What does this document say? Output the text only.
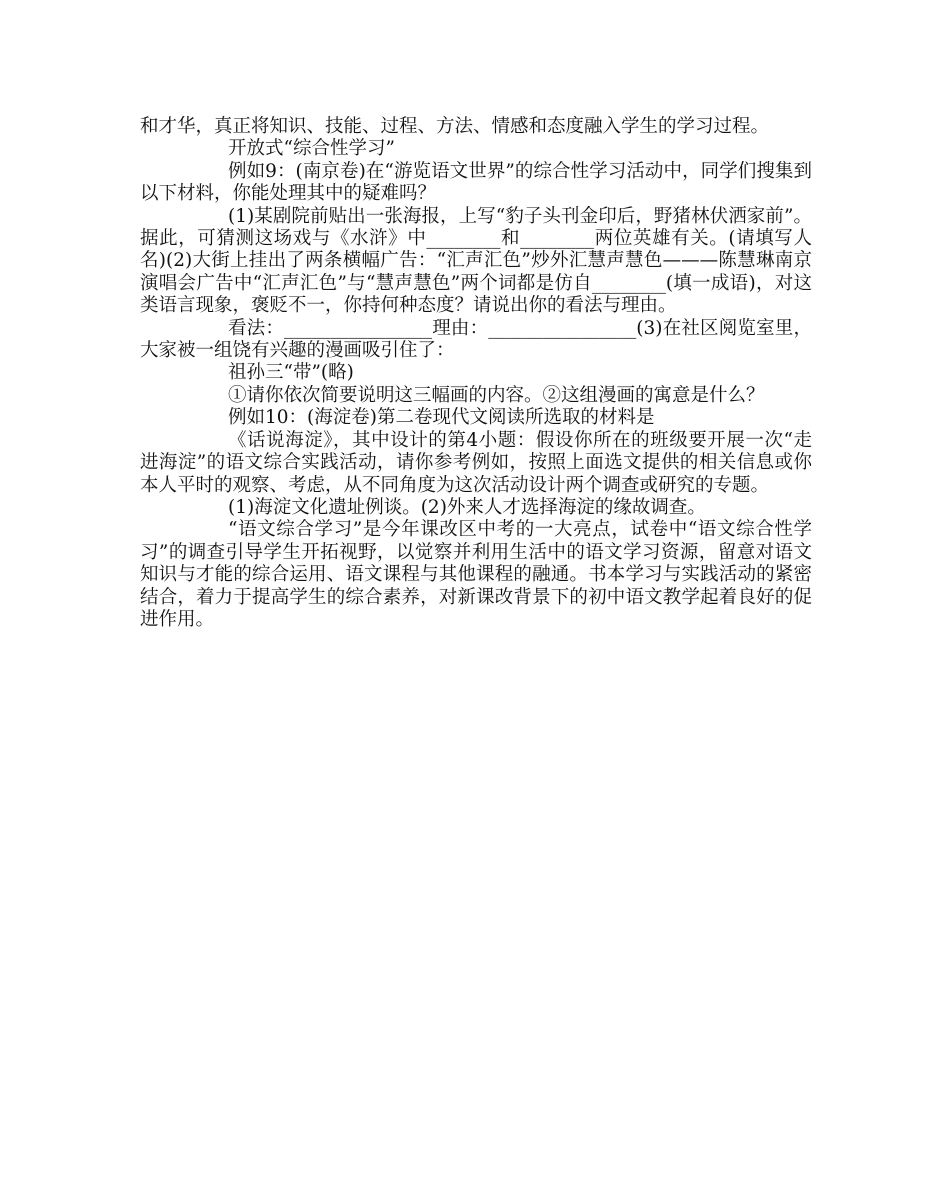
和才华，真正将知识、技能、过程、方法、情感和态度融入学生的学习过程。

开放式“综合性学习”

例如9：(南京卷)在“游览语文世界”的综合性学习活动中，同学们搜集到以下材料，你能处理其中的疑难吗？

(1)某剧院前贴出一张海报，上写“豹子头刊金印后，野猪林伏洒家前”。据此，可猜测这场戏与《水浒》中________和________两位英雄有关。(请填写人名)(2)大街上挂出了两条横幅广告：“汇声汇色”炒外汇慧声慧色———陈慧琳南京演唱会广告中“汇声汇色”与“慧声慧色”两个词都是仿自________(填一成语)，对这类语言现象，褒贬不一，你持何种态度？请说出你的看法与理由。

看法：________________理由：________________(3)在社区阅览室里，大家被一组饶有兴趣的漫画吸引住了：

祖孙三“带”(略)

①请你依次简要说明这三幅画的内容。②这组漫画的寓意是什么？

例如10：(海淀卷)第二卷现代文阅读所选取的材料是

《话说海淀》，其中设计的第4小题：假设你所在的班级要开展一次“走进海淀”的语文综合实践活动，请你参考例如，按照上面选文提供的相关信息或你本人平时的观察、考虑，从不同角度为这次活动设计两个调查或研究的专题。

(1)海淀文化遗址例谈。(2)外来人才选择海淀的缘故调查。

“语文综合学习”是今年课改区中考的一大亮点，试卷中“语文综合性学习”的调查引导学生开拓视野，以觉察并利用生活中的语文学习资源，留意对语文知识与才能的综合运用、语文课程与其他课程的融通。书本学习与实践活动的紧密结合，着力于提高学生的综合素养，对新课改背景下的初中语文教学起着良好的促进作用。
